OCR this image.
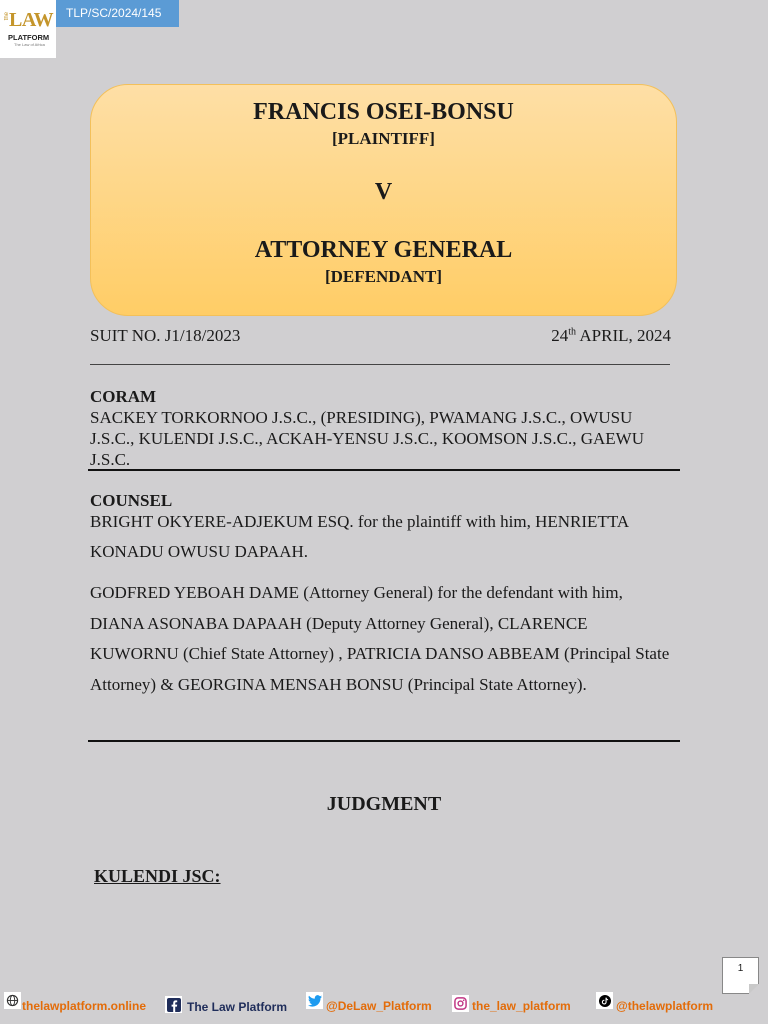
the LAW
PLATFORM
The Law of Africa
TLP/SC/2024/145
FRANCIS OSEI-BONSU
[PLAINTIFF]
V
ATTORNEY GENERAL
[DEFENDANT]
SUIT NO. J1/18/2023	24th APRIL, 2024
CORAM
SACKEY TORKORNOO J.S.C., (PRESIDING), PWAMANG J.S.C., OWUSU
J.S.C., KULENDI J.S.C., ACKAH-YENSU J.S.C., KOOMSON J.S.C., GAEWU
J.S.C.
COUNSEL
BRIGHT OKYERE-ADJEKUM ESQ. for the plaintiff with him, HENRIETTA
KONADU OWUSU DAPAAH.
GODFRED YEBOAH DAME (Attorney General) for the defendant with him,
DIANA ASONABA DAPAAH (Deputy Attorney General), CLARENCE
KUWORNU (Chief State Attorney) , PATRICIA DANSO ABBEAM (Principal State
Attorney) & GEORGINA MENSAH BONSU (Principal State Attorney).
JUDGMENT
KULENDI JSC:
1
thelawplatform.online	The Law Platform	@DeLaw_Platform	the_law_platform	@thelawplatform
